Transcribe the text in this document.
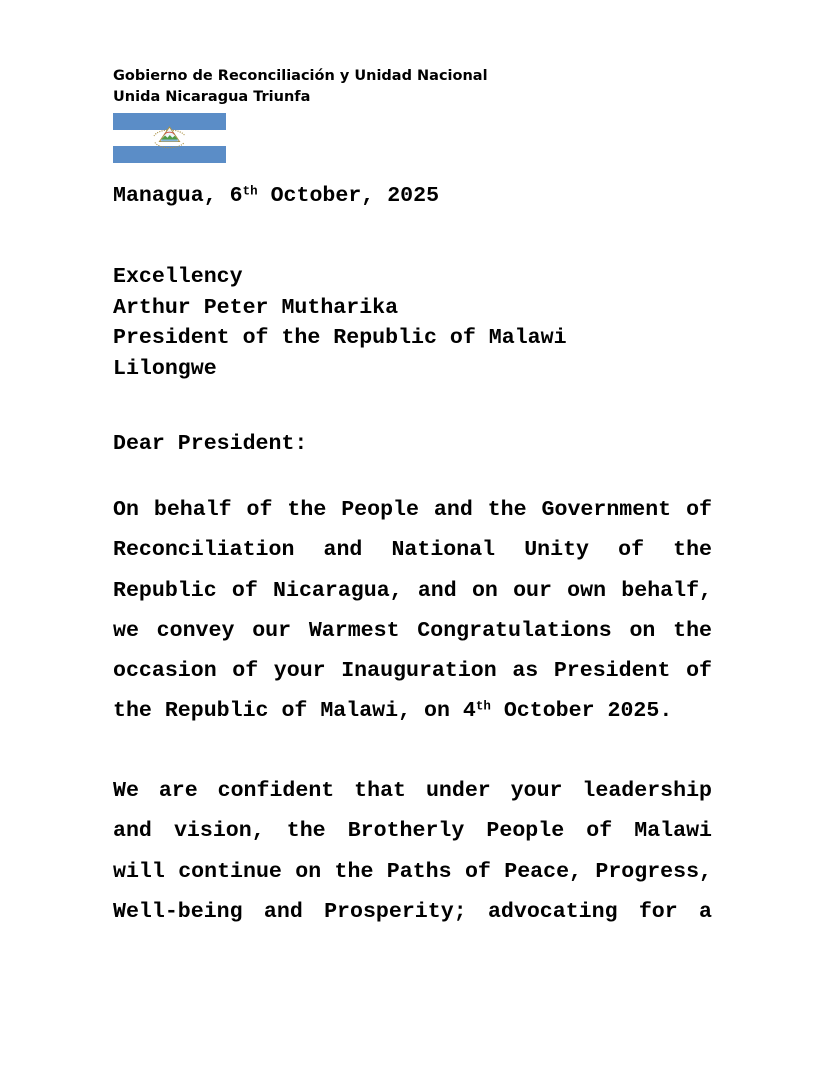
Gobierno de Reconciliación y Unidad Nacional
Unida Nicaragua Triunfa
Managua, 6th October, 2025
Excellency
Arthur Peter Mutharika
President of the Republic of Malawi
Lilongwe
Dear President:
On behalf of the People and the Government of
Reconciliation and National Unity of the
Republic of Nicaragua, and on our own behalf,
we convey our Warmest Congratulations on the
occasion of your Inauguration as President of
the Republic of Malawi, on 4th October 2025.
We are confident that under your leadership
and vision, the Brotherly People of Malawi
will continue on the Paths of Peace, Progress,
Well-being and Prosperity; advocating for a
